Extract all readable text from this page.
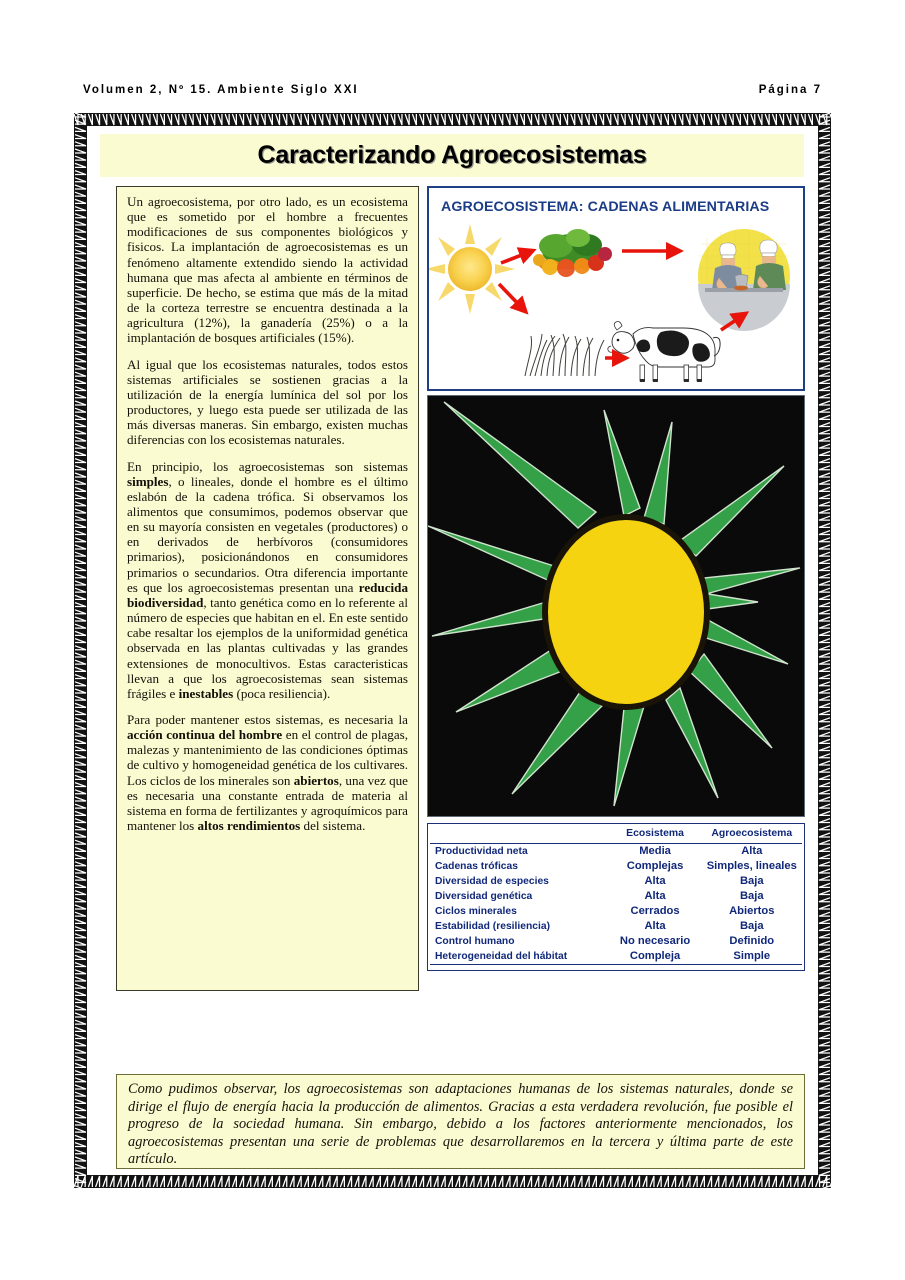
Volumen 2, Nº 15. Ambiente Siglo XXI	Página 7
Caracterizando Agroecosistemas

Un agroecosistema, por otro lado, es un ecosistema que es sometido por el hombre a frecuentes modificaciones de sus componentes biológicos y fisicos. La implantación de agroecosistemas es un fenómeno altamente extendido siendo la actividad humana que mas afecta al ambiente en términos de superficie. De hecho, se estima que más de la mitad de la corteza terrestre se encuentra destinada a la agricultura (12%), la ganadería (25%) o a la implantación de bosques artificiales (15%).

Al igual que los ecosistemas naturales, todos estos sistemas artificiales se sostienen gracias a la utilización de la energía lumínica del sol por los productores, y luego esta puede ser utilizada de las más diversas maneras. Sin embargo, existen muchas diferencias con los ecosistemas naturales.

En principio, los agroecosistemas son sistemas simples, o lineales, donde el hombre es el último eslabón de la cadena trófica. Si observamos los alimentos que consumimos, podemos observar que en su mayoría consisten en vegetales (productores) o en derivados de herbívoros (consumidores primarios), posicionándonos en consumidores primarios o secundarios. Otra diferencia importante es que los agroecosistemas presentan una reducida biodiversidad, tanto genética como en lo referente al número de especies que habitan en el. En este sentido cabe resaltar los ejemplos de la uniformidad genética observada en las plantas cultivadas y las grandes extensiones de monocultivos. Estas caracteristicas llevan a que los agroecosistemas sean sistemas frágiles e inestables (poca resiliencia).

Para poder mantener estos sistemas, es necesaria la acción continua del hombre en el control de plagas, malezas y mantenimiento de las condiciones óptimas de cultivo y homogeneidad genética de los cultivares. Los ciclos de los minerales son abiertos, una vez que es necesaria una constante entrada de materia al sistema en forma de fertilizantes y agroquímicos para mantener los altos rendimientos del sistema.

AGROECOSISTEMA: CADENAS ALIMENTARIAS
	Ecosistema	Agroecosistema
Productividad neta	Media	Alta
Cadenas tróficas	Complejas	Simples, lineales
Diversidad de especies	Alta	Baja
Diversidad genética	Alta	Baja
Ciclos minerales	Cerrados	Abiertos
Estabilidad (resiliencia)	Alta	Baja
Control humano	No necesario	Definido
Heterogeneidad del hábitat	Compleja	Simple

Como pudimos observar, los agroecosistemas son adaptaciones humanas de los sistemas naturales, donde se dirige el flujo de energía hacia la producción de alimentos. Gracias a esta verdadera revolución, fue posible el progreso de la sociedad humana. Sin embargo, debido a los factores anteriormente mencionados, los agroecosistemas presentan una serie de problemas que desarrollaremos en la tercera y última parte de este artículo.
